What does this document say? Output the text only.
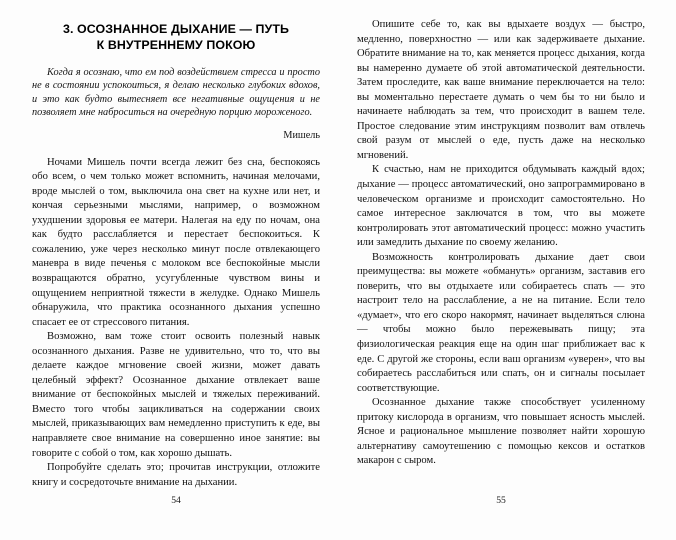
3. ОСОЗНАННОЕ ДЫХАНИЕ — ПУТЬ
К ВНУТРЕННЕМУ ПОКОЮ

Когда я осознаю, что ем под воздействием стресса и просто не в состоянии успокоиться, я делаю несколько глубоких вдохов, и это как будто вытесняет все негативные ощущения и не позволяет мне наброситься на очередную порцию мороженого.

Мишель

Ночами Мишель почти всегда лежит без сна, беспокоясь обо всем, о чем только может вспомнить, начиная мелочами, вроде мыслей о том, выключила она свет на кухне или нет, и кончая серьезными мыслями, например, о возможном ухудшении здоровья ее матери. Налегая на еду по ночам, она как будто расслабляется и перестает беспокоиться. К сожалению, уже через несколько минут после отвлекающего маневра в виде печенья с молоком все беспокойные мысли возвращаются обратно, усугубленные чувством вины и ощущением неприятной тяжести в желудке. Однако Мишель обнаружила, что практика осознанного дыхания успешно спасает ее от стрессового питания.

Возможно, вам тоже стоит освоить полезный навык осознанного дыхания. Разве не удивительно, что то, что вы делаете каждое мгновение своей жизни, может давать целебный эффект? Осознанное дыхание отвлекает ваше внимание от беспокойных мыслей и тяжелых переживаний. Вместо того чтобы зацикливаться на содержании своих мыслей, приказывающих вам немедленно приступить к еде, вы направляете свое внимание на совершенно иное занятие: вы говорите с собой о том, как хорошо дышать.

Попробуйте сделать это; прочитав инструкции, отложите книгу и сосредоточьте внимание на дыхании.

54

Опишите себе то, как вы вдыхаете воздух — быстро, медленно, поверхностно — или как задерживаете дыхание. Обратите внимание на то, как меняется процесс дыхания, когда вы намеренно думаете об этой автоматической деятельности. Затем проследите, как ваше внимание переключается на тело: вы моментально перестаете думать о чем бы то ни было и начинаете наблюдать за тем, что происходит в вашем теле. Простое следование этим инструкциям позволит вам отвлечь свой разум от мыслей о еде, пусть даже на несколько мгновений.

К счастью, нам не приходится обдумывать каждый вдох; дыхание — процесс автоматический, оно запрограммировано в человеческом организме и происходит самостоятельно. Но самое интересное заключатся в том, что вы можете контролировать этот автоматический процесс: можно участить или замедлить дыхание по своему желанию.

Возможность контролировать дыхание дает свои преимущества: вы можете «обмануть» организм, заставив его поверить, что вы отдыхаете или собираетесь спать — это настроит тело на расслабление, а не на питание. Если тело «думает», что его скоро накормят, начинает выделяться слюна — чтобы можно было пережевывать пищу; эта физиологическая реакция еще на один шаг приближает вас к еде. С другой же стороны, если ваш организм «уверен», что вы собираетесь расслабиться или спать, он и сигналы посылает соответствующие.

Осознанное дыхание также способствует усиленному притоку кислорода в организм, что повышает ясность мыслей. Ясное и рациональное мышление позволяет найти хорошую альтернативу самоутешению с помощью кексов и остатков макарон с сыром.

55
